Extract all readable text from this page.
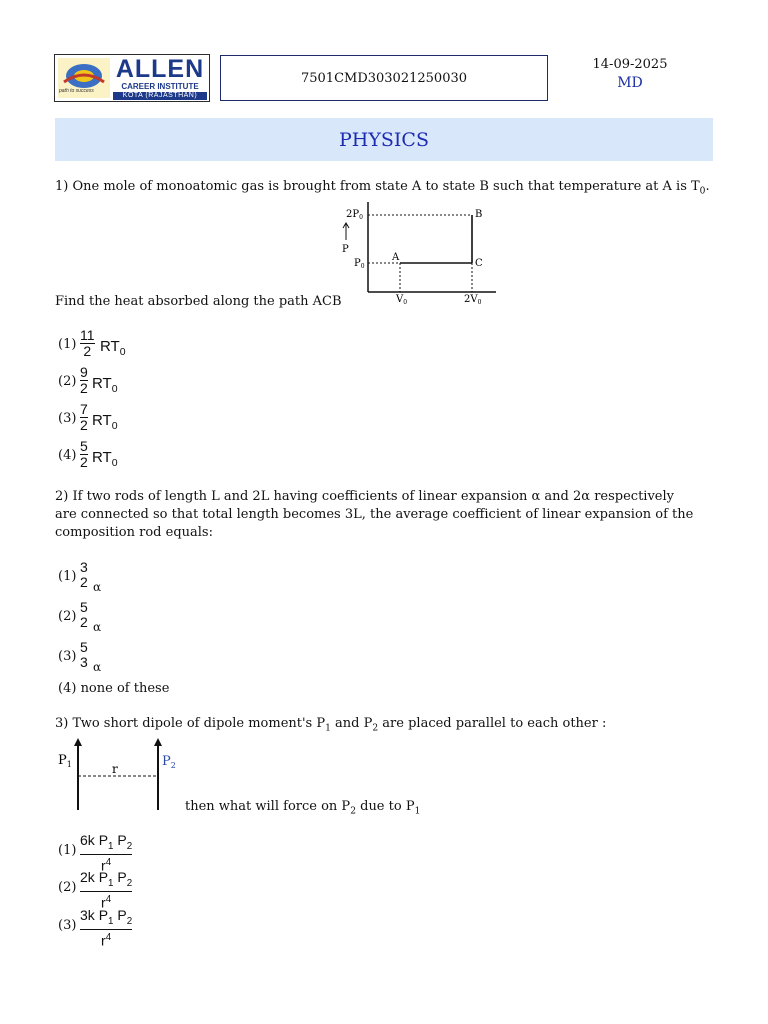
path to success
ALLEN
CAREER INSTITUTE
KOTA (RAJASTHAN)
7501CMD303021250030
14-09-2025
MD
PHYSICS
1) One mole of monoatomic gas is brought from state A to state B such that temperature at A is $T_0$.
$2P_0$
P
$P_0$
A
B
C
$V_0$	$2V_0$
Find the heat absorbed along the path ACB
(1)
11
2 $RT_0$
(2)
9
2 $RT_0$
(3)
7
2 $RT_0$
(4)
5
2 $RT_0$
2) If two rods of length L and 2L having coefficients of linear expansion α and 2α respectively
are connected so that total length becomes 3L, the average coefficient of linear expansion of the
composition rod equals:
(1)
3
2 α
(2)
5
2 α
(3)
5
3 α
(4) none of these
3) Two short dipole of dipole moment's $P_1$ and $P_2$ are placed parallel to each other :
$P_1$	$P_2$
r
then what will force on $P_2$ due to $P_1$
(1)
6k $P_1$ $P_2$
$r^4$
(2)
2k $P_1$ $P_2$
$r^4$
(3)
3k $P_1$ $P_2$
$r^4$
